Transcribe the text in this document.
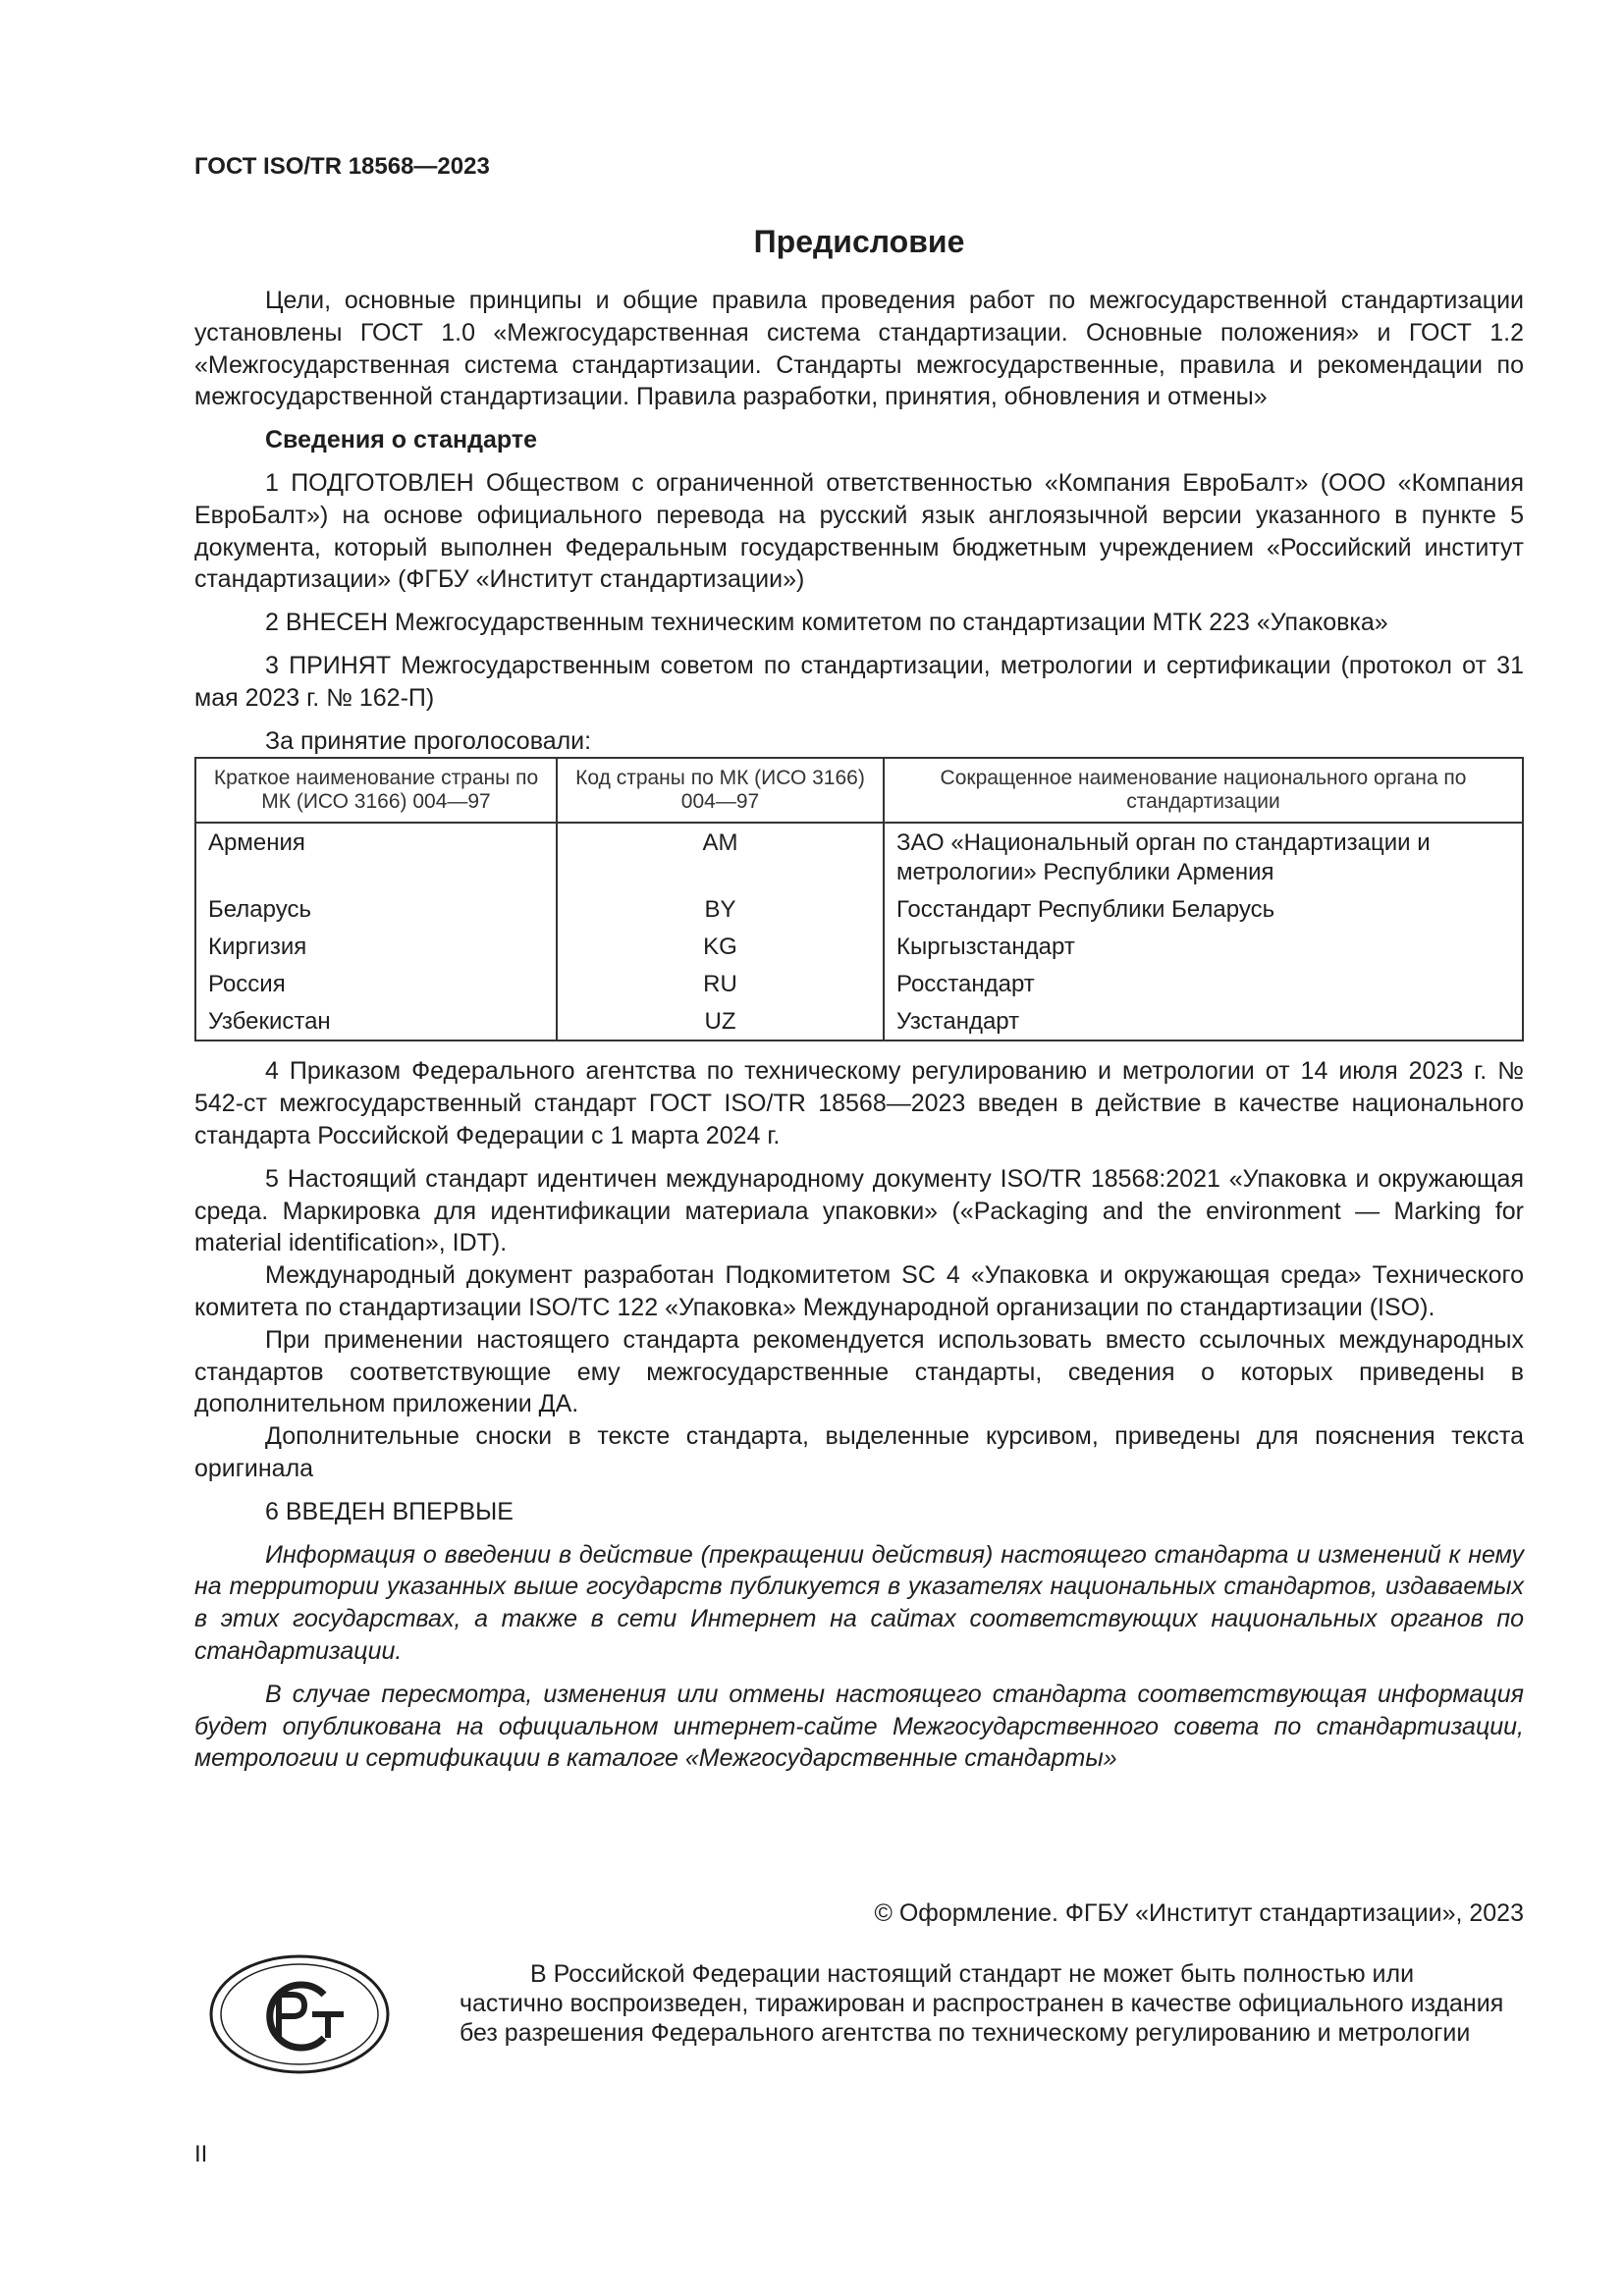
ГОСТ ISO/TR 18568—2023
Предисловие

Цели, основные принципы и общие правила проведения работ по межгосударственной стандартизации установлены ГОСТ 1.0 «Межгосударственная система стандартизации. Основные положения» и ГОСТ 1.2 «Межгосударственная система стандартизации. Стандарты межгосударственные, правила и рекомендации по межгосударственной стандартизации. Правила разработки, принятия, обновления и отмены»

Сведения о стандарте

1 ПОДГОТОВЛЕН Обществом с ограниченной ответственностью «Компания ЕвроБалт» (ООО «Компания ЕвроБалт») на основе официального перевода на русский язык англоязычной версии указанного в пункте 5 документа, который выполнен Федеральным государственным бюджетным учреждением «Российский институт стандартизации» (ФГБУ «Институт стандартизации»)

2 ВНЕСЕН Межгосударственным техническим комитетом по стандартизации МТК 223 «Упаковка»

3 ПРИНЯТ Межгосударственным советом по стандартизации, метрологии и сертификации (протокол от 31 мая 2023 г. № 162-П)

За принятие проголосовали:

Краткое наименование страны по МК (ИСО 3166) 004—97	Код страны по МК (ИСО 3166) 004—97	Сокращенное наименование национального органа по стандартизации
Армения	AM	ЗАО «Национальный орган по стандартизации и метрологии» Республики Армения
Беларусь	BY	Госстандарт Республики Беларусь
Киргизия	KG	Кыргызстандарт
Россия	RU	Росстандарт
Узбекистан	UZ	Узстандарт

4 Приказом Федерального агентства по техническому регулированию и метрологии от 14 июля 2023 г. № 542-ст межгосударственный стандарт ГОСТ ISO/TR 18568—2023 введен в действие в качестве национального стандарта Российской Федерации с 1 марта 2024 г.

5 Настоящий стандарт идентичен международному документу ISO/TR 18568:2021 «Упаковка и окружающая среда. Маркировка для идентификации материала упаковки» («Packaging and the environment — Marking for material identification», IDT).

Международный документ разработан Подкомитетом SC 4 «Упаковка и окружающая среда» Технического комитета по стандартизации ISO/TC 122 «Упаковка» Международной организации по стандартизации (ISO).

При применении настоящего стандарта рекомендуется использовать вместо ссылочных международных стандартов соответствующие ему межгосударственные стандарты, сведения о которых приведены в дополнительном приложении ДА.

Дополнительные сноски в тексте стандарта, выделенные курсивом, приведены для пояснения текста оригинала

6 ВВЕДЕН ВПЕРВЫЕ

Информация о введении в действие (прекращении действия) настоящего стандарта и изменений к нему на территории указанных выше государств публикуется в указателях национальных стандартов, издаваемых в этих государствах, а также в сети Интернет на сайтах соответствующих национальных органов по стандартизации.

В случае пересмотра, изменения или отмены настоящего стандарта соответствующая информация будет опубликована на официальном интернет-сайте Межгосударственного совета по стандартизации, метрологии и сертификации в каталоге «Межгосударственные стандарты»

© Оформление. ФГБУ «Институт стандартизации», 2023

В Российской Федерации настоящий стандарт не может быть полностью или частично воспроизведен, тиражирован и распространен в качестве официального издания без разрешения Федерального агентства по техническому регулированию и метрологии

II
